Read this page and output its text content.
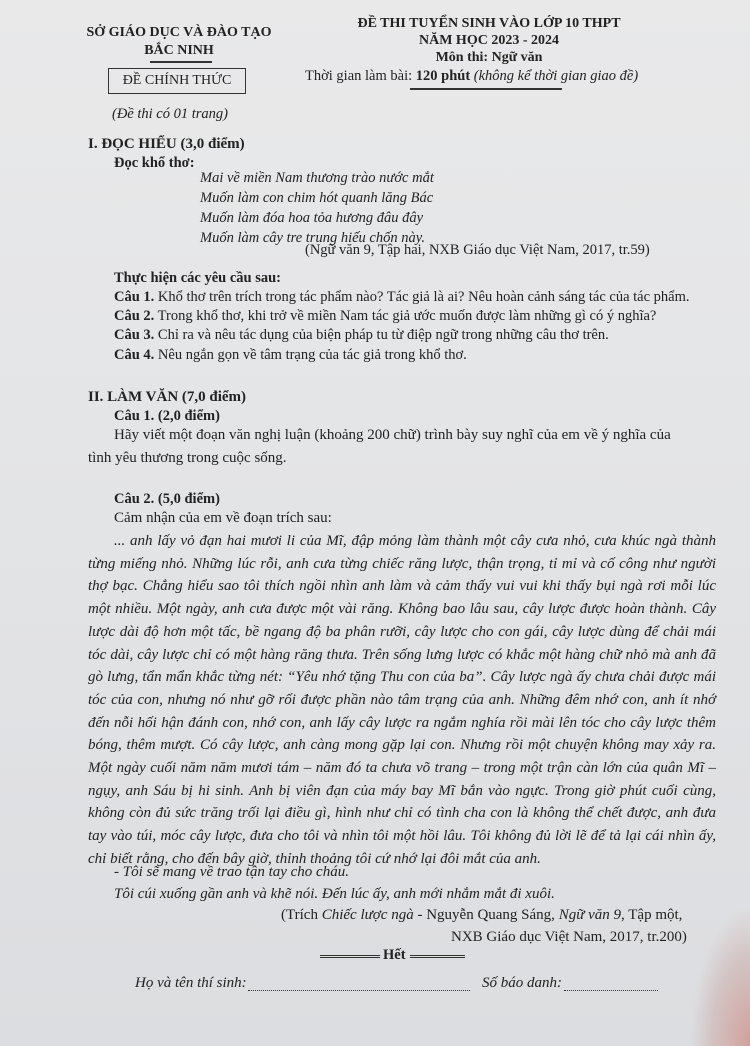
SỞ GIÁO DỤC VÀ ĐÀO TẠO
BẮC NINH
ĐỀ CHÍNH THỨC
(Đề thi có 01 trang)
ĐỀ THI TUYỂN SINH VÀO LỚP 10 THPT
NĂM HỌC 2023 - 2024
Môn thi: Ngữ văn
Thời gian làm bài: 120 phút (không kể thời gian giao đề)
I. ĐỌC HIỂU (3,0 điểm)
Đọc khổ thơ:
Mai về miền Nam thương trào nước mắt
Muốn làm con chim hót quanh lăng Bác
Muốn làm đóa hoa tỏa hương đâu đây
Muốn làm cây tre trung hiếu chốn này.
(Ngữ văn 9, Tập hai, NXB Giáo dục Việt Nam, 2017, tr.59)
Thực hiện các yêu cầu sau:
Câu 1. Khổ thơ trên trích trong tác phẩm nào? Tác giả là ai? Nêu hoàn cảnh sáng tác của tác phẩm.
Câu 2. Trong khổ thơ, khi trở về miền Nam tác giả ước muốn được làm những gì có ý nghĩa?
Câu 3. Chỉ ra và nêu tác dụng của biện pháp tu từ điệp ngữ trong những câu thơ trên.
Câu 4. Nêu ngắn gọn về tâm trạng của tác giả trong khổ thơ.
II. LÀM VĂN (7,0 điểm)
Câu 1. (2,0 điểm)
Hãy viết một đoạn văn nghị luận (khoảng 200 chữ) trình bày suy nghĩ của em về ý nghĩa của
tình yêu thương trong cuộc sống.
Câu 2. (5,0 điểm)
Cảm nhận của em về đoạn trích sau:
... anh lấy vỏ đạn hai mươi li của Mĩ, đập mỏng làm thành một cây cưa nhỏ, cưa khúc ngà thành từng miếng nhỏ. Những lúc rỗi, anh cưa từng chiếc răng lược, thận trọng, tỉ mỉ và cố công như người thợ bạc. Chẳng hiểu sao tôi thích ngồi nhìn anh làm và cảm thấy vui vui khi thấy bụi ngà rơi mỗi lúc một nhiều. Một ngày, anh cưa được một vài răng. Không bao lâu sau, cây lược được hoàn thành. Cây lược dài độ hơn một tấc, bề ngang độ ba phân rưỡi, cây lược cho con gái, cây lược dùng để chải mái tóc dài, cây lược chỉ có một hàng răng thưa. Trên sống lưng lược có khắc một hàng chữ nhỏ mà anh đã gò lưng, tẩn mẩn khắc từng nét: “Yêu nhớ tặng Thu con của ba”. Cây lược ngà ấy chưa chải được mái tóc của con, nhưng nó như gỡ rối được phần nào tâm trạng của anh. Những đêm nhớ con, anh ít nhớ đến nỗi hối hận đánh con, nhớ con, anh lấy cây lược ra ngắm nghía rồi mài lên tóc cho cây lược thêm bóng, thêm mượt. Có cây lược, anh càng mong gặp lại con. Nhưng rồi một chuyện không may xảy ra. Một ngày cuối năm năm mươi tám – năm đó ta chưa võ trang – trong một trận càn lớn của quân Mĩ – ngụy, anh Sáu bị hi sinh. Anh bị viên đạn của máy bay Mĩ bắn vào ngực. Trong giờ phút cuối cùng, không còn đủ sức trăng trối lại điều gì, hình như chỉ có tình cha con là không thể chết được, anh đưa tay vào túi, móc cây lược, đưa cho tôi và nhìn tôi một hồi lâu. Tôi không đủ lời lẽ để tả lại cái nhìn ấy, chỉ biết rằng, cho đến bây giờ, thỉnh thoảng tôi cứ nhớ lại đôi mắt của anh.
- Tôi sẽ mang về trao tận tay cho cháu.
Tôi cúi xuống gần anh và khẽ nói. Đến lúc ấy, anh mới nhắm mắt đi xuôi.
(Trích Chiếc lược ngà - Nguyễn Quang Sáng, Ngữ văn 9, Tập một,
NXB Giáo dục Việt Nam, 2017, tr.200)
Hết
Họ và tên thí sinh:	Số báo danh:
